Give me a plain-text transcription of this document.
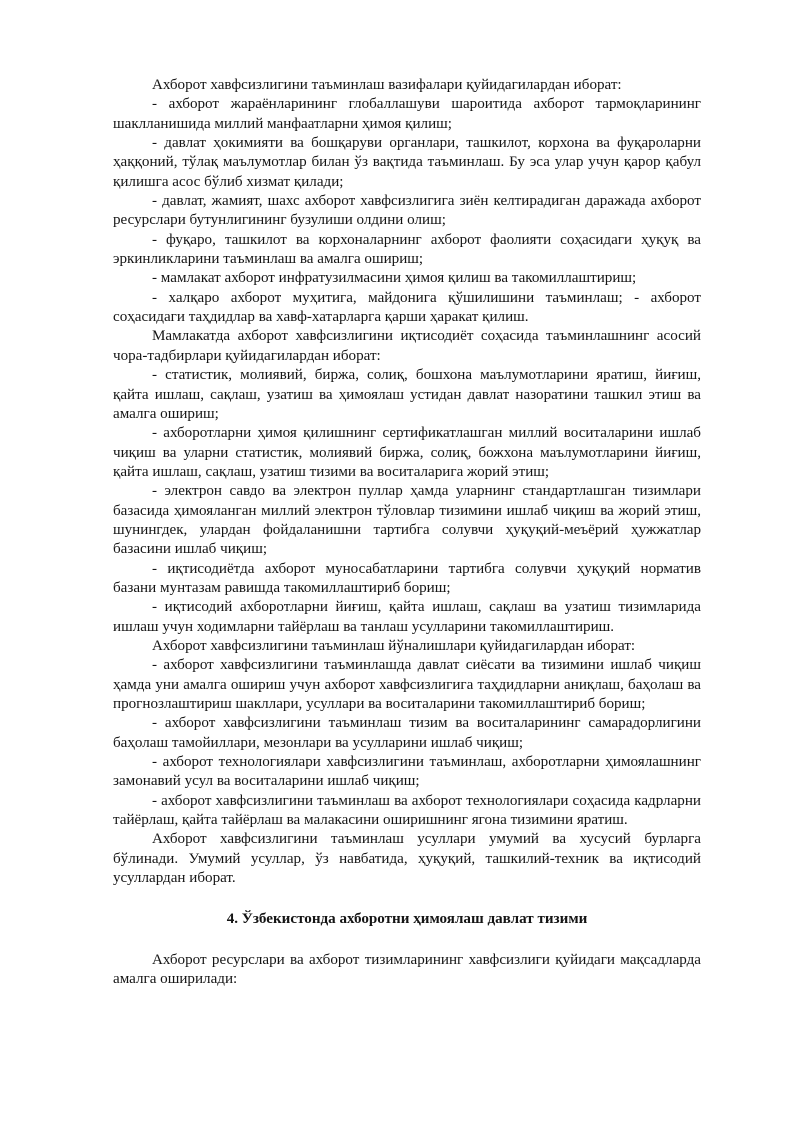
Ахборот хавфсизлигини таъминлаш вазифалари қуйидагилардан иборат:

- ахборот жараёнларининг глобаллашуви шароитида ахборот тармоқларининг шаклланишида миллий манфаатларни ҳимоя қилиш;

- давлат ҳокимияти ва бошқаруви органлари, ташкилот, корхона ва фуқароларни ҳаққоний, тўлақ маълумотлар билан ўз вақтида таъминлаш. Бу эса улар учун қарор қабул қилишга асос бўлиб хизмат қилади;

- давлат, жамият, шахс ахборот хавфсизлигига зиён келтирадиган даражада ахборот ресурслари бутунлигининг бузулиши олдини олиш;

- фуқаро, ташкилот ва корхоналарнинг ахборот фаолияти соҳасидаги ҳуқуқ ва эркинликларини таъминлаш ва амалга ошириш;

- мамлакат ахборот инфратузилмасини ҳимоя қилиш ва такомиллаштириш;

- халқаро ахборот муҳитига, майдонига қўшилишини таъминлаш; - ахборот соҳасидаги таҳдидлар ва хавф-хатарларга қарши ҳаракат қилиш.

Мамлакатда ахборот хавфсизлигини иқтисодиёт соҳасида таъминлашнинг асосий чора-тадбирлари қуйидагилардан иборат:

- статистик, молиявий, биржа, солиқ, бошхона маълумотларини яратиш, йиғиш, қайта ишлаш, сақлаш, узатиш ва ҳимоялаш устидан давлат назоратини ташкил этиш ва амалга ошириш;

- ахборотларни ҳимоя қилишнинг сертификатлашган миллий воситаларини ишлаб чиқиш ва уларни статистик, молиявий биржа, солиқ, божхона маълумотларини йиғиш, қайта ишлаш, сақлаш, узатиш тизими ва воситаларига жорий этиш;

- электрон савдо ва электрон пуллар ҳамда уларнинг стандартлашган тизимлари базасида ҳимояланган миллий электрон тўловлар тизимини ишлаб чиқиш ва жорий этиш, шунингдек, улардан фойдаланишни тартибга солувчи ҳуқуқий-меъёрий ҳужжатлар базасини ишлаб чиқиш;

- иқтисодиётда ахборот муносабатларини тартибга солувчи ҳуқуқий норматив базани мунтазам равишда такомиллаштириб бориш;

- иқтисодий ахборотларни йиғиш, қайта ишлаш, сақлаш ва узатиш тизимларида ишлаш учун ходимларни тайёрлаш ва танлаш усулларини такомиллаштириш.

Ахборот хавфсизлигини таъминлаш йўналишлари қуйидагилардан иборат:

- ахборот хавфсизлигини таъминлашда давлат сиёсати ва тизимини ишлаб чиқиш ҳамда уни амалга ошириш учун ахборот хавфсизлигига таҳдидларни аниқлаш, баҳолаш ва прогнозлаштириш шакллари, усуллари ва воситаларини такомиллаштириб бориш;

- ахборот хавфсизлигини таъминлаш тизим ва воситаларининг самарадорлигини баҳолаш тамойиллари, мезонлари ва усулларини ишлаб чиқиш;

- ахборот технологиялари хавфсизлигини таъминлаш, ахборотларни ҳимоялашнинг замонавий усул ва воситаларини ишлаб чиқиш;

- ахборот хавфсизлигини таъминлаш ва ахборот технологиялари соҳасида кадрларни тайёрлаш, қайта тайёрлаш ва малакасини оширишнинг ягона тизимини яратиш.

Ахборот хавфсизлигини таъминлаш усуллари умумий ва хусусий бурларга бўлинади. Умумий усуллар, ўз навбатида, ҳуқуқий, ташкилий-техник ва иқтисодий усуллардан иборат.

4. Ўзбекистонда ахборотни ҳимоялаш давлат тизими

Ахборот ресурслари ва ахборот тизимларининг хавфсизлиги қуйидаги мақсадларда амалга оширилади:
